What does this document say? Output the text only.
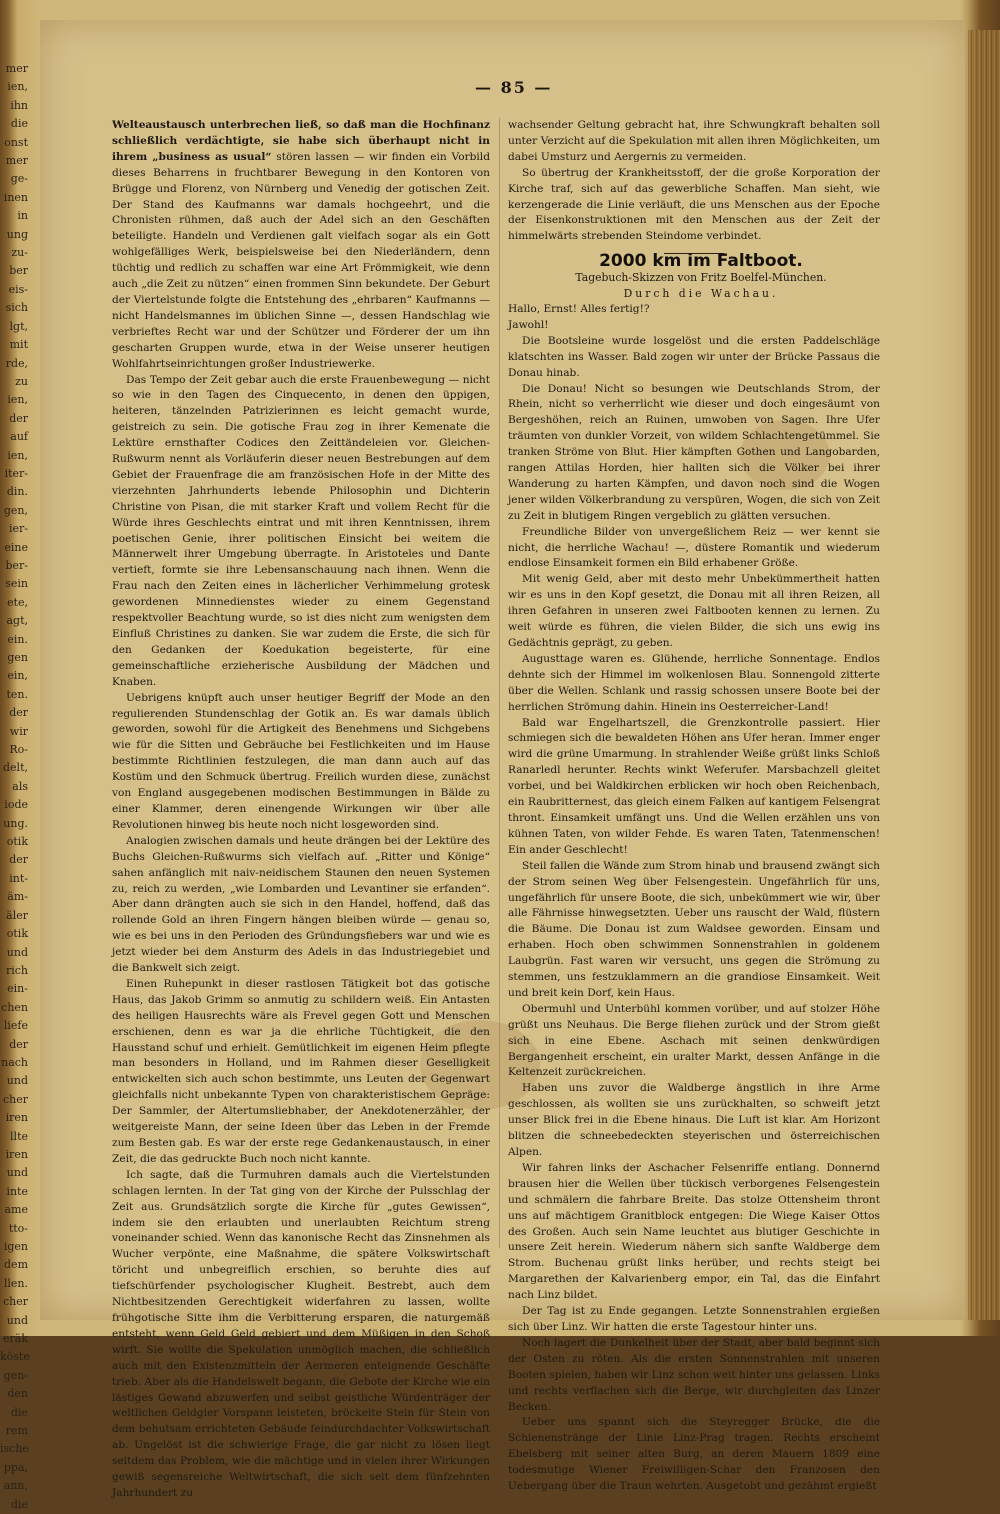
mer
ien,
ihn
die
onst
mer
ge-
inen
in
ung
zu-
ber
eis-
sich
lgt,
mit
rde,
zu
ien,
der
auf
ien,
iter-
din.
gen,
ier-
eine
ber-
sein
ete,
agt,
ein.
gen
ein,
ten.
der
wir
Ro-
delt,
als
iode
ung.
otik
der
int-
äm-
äler
otik
und
rich
ein-
chen
liefe
der
nach
und
cher
iren
llte
iren
und
inte
ame
tto-
igen
dem
llen.
cher
und
eräk
köste
gen-
den
die
rem
ische
ppa,
ann,
die
— 85 —

Welteaustausch unterbrechen ließ, so daß man die Hochfinanz schließlich verdächtigte, sie habe sich überhaupt nicht in ihrem „business as usual“ stören lassen — wir finden ein Vorbild dieses Beharrens in fruchtbarer Bewegung in den Kontoren von Brügge und Florenz, von Nürnberg und Venedig der gotischen Zeit. Der Stand des Kaufmanns war damals hochgeehrt, und die Chronisten rühmen, daß auch der Adel sich an den Geschäften beteiligte. Handeln und Verdienen galt vielfach sogar als ein Gott wohlgefälliges Werk, beispielsweise bei den Niederländern, denn tüchtig und redlich zu schaffen war eine Art Frömmigkeit, wie denn auch „die Zeit zu nützen“ einen frommen Sinn bekundete. Der Geburt der Viertelstunde folgte die Entstehung des „ehrbaren“ Kaufmanns — nicht Handelsmannes im üblichen Sinne —, dessen Handschlag wie verbrieftes Recht war und der Schützer und Förderer der um ihn gescharten Gruppen wurde, etwa in der Weise unserer heutigen Wohlfahrtseinrichtungen großer Industriewerke.

Das Tempo der Zeit gebar auch die erste Frauenbewegung — nicht so wie in den Tagen des Cinquecento, in denen den üppigen, heiteren, tänzelnden Patrizierinnen es leicht gemacht wurde, geistreich zu sein. Die gotische Frau zog in ihrer Kemenate die Lektüre ernsthafter Codices den Zeittändeleien vor. Gleichen-Rußwurm nennt als Vorläuferin dieser neuen Bestrebungen auf dem Gebiet der Frauenfrage die am französischen Hofe in der Mitte des vierzehnten Jahrhunderts lebende Philosophin und Dichterin Christine von Pisan, die mit starker Kraft und vollem Recht für die Würde ihres Geschlechts eintrat und mit ihren Kenntnissen, ihrem poetischen Genie, ihrer politischen Einsicht bei weitem die Männerwelt ihrer Umgebung überragte. In Aristoteles und Dante vertieft, formte sie ihre Lebensanschauung nach ihnen. Wenn die Frau nach den Zeiten eines in lächerlicher Verhimmelung grotesk gewordenen Minnedienstes wieder zu einem Gegenstand respektvoller Beachtung wurde, so ist dies nicht zum wenigsten dem Einfluß Christines zu danken. Sie war zudem die Erste, die sich für den Gedanken der Koedukation begeisterte, für eine gemeinschaftliche erzieherische Ausbildung der Mädchen und Knaben.

Uebrigens knüpft auch unser heutiger Begriff der Mode an den regulierenden Stundenschlag der Gotik an. Es war damals üblich geworden, sowohl für die Artigkeit des Benehmens und Sichgebens wie für die Sitten und Gebräuche bei Festlichkeiten und im Hause bestimmte Richtlinien festzulegen, die man dann auch auf das Kostüm und den Schmuck übertrug. Freilich wurden diese, zunächst von England ausgegebenen modischen Bestimmungen in Bälde zu einer Klammer, deren einengende Wirkungen wir über alle Revolutionen hinweg bis heute noch nicht losgeworden sind.

Analogien zwischen damals und heute drängen bei der Lektüre des Buchs Gleichen-Rußwurms sich vielfach auf. „Ritter und Könige“ sahen anfänglich mit naiv-neidischem Staunen den neuen Systemen zu, reich zu werden, „wie Lombarden und Levantiner sie erfanden“. Aber dann drängten auch sie sich in den Handel, hoffend, daß das rollende Gold an ihren Fingern hängen bleiben würde — genau so, wie es bei uns in den Perioden des Gründungsfiebers war und wie es jetzt wieder bei dem Ansturm des Adels in das Industriegebiet und die Bankwelt sich zeigt.

Einen Ruhepunkt in dieser rastlosen Tätigkeit bot das gotische Haus, das Jakob Grimm so anmutig zu schildern weiß. Ein Antasten des heiligen Hausrechts wäre als Frevel gegen Gott und Menschen erschienen, denn es war ja die ehrliche Tüchtigkeit, die den Hausstand schuf und erhielt. Gemütlichkeit im eigenen Heim pflegte man besonders in Holland, und im Rahmen dieser Geselligkeit entwickelten sich auch schon bestimmte, uns Leuten der Gegenwart gleichfalls nicht unbekannte Typen von charakteristischem Gepräge: Der Sammler, der Altertumsliebhaber, der Anekdotenerzähler, der weitgereiste Mann, der seine Ideen über das Leben in der Fremde zum Besten gab. Es war der erste rege Gedankenaustausch, in einer Zeit, die das gedruckte Buch noch nicht kannte.

Ich sagte, daß die Turmuhren damals auch die Viertelstunden schlagen lernten. In der Tat ging von der Kirche der Pulsschlag der Zeit aus. Grundsätzlich sorgte die Kirche für „gutes Gewissen“, indem sie den erlaubten und unerlaubten Reichtum streng voneinander schied. Wenn das kanonische Recht das Zinsnehmen als Wucher verpönte, eine Maßnahme, die spätere Volkswirtschaft töricht und unbegreiflich erschien, so beruhte dies auf tiefschürfender psychologischer Klugheit. Bestrebt, auch dem Nichtbesitzenden Gerechtigkeit widerfahren zu lassen, wollte frühgotische Sitte ihm die Verbitterung ersparen, die naturgemäß entsteht, wenn Geld Geld gebiert und dem Müßigen in den Schoß wirft. Sie wollte die Spekulation unmöglich machen, die schließlich auch mit den Existenzmitteln der Aermeren enteignende Geschäfte trieb. Aber als die Handelswelt begann, die Gebote der Kirche wie ein lästiges Gewand abzuwerfen und selbst geistliche Würdenträger der weltlichen Geldgier Vorspann leisteten, bröckelte Stein für Stein von dem behutsam errichteten Gebäude feindurchdachter Volkswirtschaft ab. Ungelöst ist die schwierige Frage, die gar nicht zu lösen liegt seitdem das Problem, wie die mächtige und in vielen ihrer Wirkungen gewiß segensreiche Weltwirtschaft, die sich seit dem fünfzehnten Jahrhundert zu

wachsender Geltung gebracht hat, ihre Schwungkraft behalten soll unter Verzicht auf die Spekulation mit allen ihren Möglichkeiten, um dabei Umsturz und Aergernis zu vermeiden.

So übertrug der Krankheitsstoff, der die große Korporation der Kirche traf, sich auf das gewerbliche Schaffen. Man sieht, wie kerzengerade die Linie verläuft, die uns Menschen aus der Epoche der Eisenkonstruktionen mit den Menschen aus der Zeit der himmelwärts strebenden Steindome verbindet.

2000 km im Faltboot.

Tagebuch-Skizzen von Fritz Boelfel-München.

Durch die Wachau.

Hallo, Ernst! Alles fertig!?

Jawohl!

Die Bootsleine wurde losgelöst und die ersten Paddelschläge klatschten ins Wasser. Bald zogen wir unter der Brücke Passaus die Donau hinab.

Die Donau! Nicht so besungen wie Deutschlands Strom, der Rhein, nicht so verherrlicht wie dieser und doch eingesäumt von Bergeshöhen, reich an Ruinen, umwoben von Sagen. Ihre Ufer träumten von dunkler Vorzeit, von wildem Schlachtengetümmel. Sie tranken Ströme von Blut. Hier kämpften Gothen und Langobarden, rangen Attilas Horden, hier hallten sich die Völker bei ihrer Wanderung zu harten Kämpfen, und davon noch sind die Wogen jener wilden Völkerbrandung zu verspüren, Wogen, die sich von Zeit zu Zeit in blutigem Ringen vergeblich zu glätten versuchen.

Freundliche Bilder von unvergeßlichem Reiz — wer kennt sie nicht, die herrliche Wachau! —, düstere Romantik und wiederum endlose Einsamkeit formen ein Bild erhabener Größe.

Mit wenig Geld, aber mit desto mehr Unbekümmertheit hatten wir es uns in den Kopf gesetzt, die Donau mit all ihren Reizen, all ihren Gefahren in unseren zwei Faltbooten kennen zu lernen. Zu weit würde es führen, die vielen Bilder, die sich uns ewig ins Gedächtnis geprägt, zu geben.

Augusttage waren es. Glühende, herrliche Sonnentage. Endlos dehnte sich der Himmel im wolkenlosen Blau. Sonnengold zitterte über die Wellen. Schlank und rassig schossen unsere Boote bei der herrlichen Strömung dahin. Hinein ins Oesterreicher-Land!

Bald war Engelhartszell, die Grenzkontrolle passiert. Hier schmiegen sich die bewaldeten Höhen ans Ufer heran. Immer enger wird die grüne Umarmung. In strahlender Weiße grüßt links Schloß Ranarledl herunter. Rechts winkt Weferufer. Marsbachzell gleitet vorbei, und bei Waldkirchen erblicken wir hoch oben Reichenbach, ein Raubritternest, das gleich einem Falken auf kantigem Felsengrat thront. Einsamkeit umfängt uns. Und die Wellen erzählen uns von kühnen Taten, von wilder Fehde. Es waren Taten, Tatenmenschen! Ein ander Geschlecht!

Steil fallen die Wände zum Strom hinab und brausend zwängt sich der Strom seinen Weg über Felsengestein. Ungefährlich für uns, ungefährlich für unsere Boote, die sich, unbekümmert wie wir, über alle Fährnisse hinwegsetzten. Ueber uns rauscht der Wald, flüstern die Bäume. Die Donau ist zum Waldsee geworden. Einsam und erhaben. Hoch oben schwimmen Sonnenstrahlen in goldenem Laubgrün. Fast waren wir versucht, uns gegen die Strömung zu stemmen, uns festzuklammern an die grandiose Einsamkeit. Weit und breit kein Dorf, kein Haus.

Obermuhl und Unterbühl kommen vorüber, und auf stolzer Höhe grüßt uns Neuhaus. Die Berge fliehen zurück und der Strom gießt sich in eine Ebene. Aschach mit seinen denkwürdigen Bergangenheit erscheint, ein uralter Markt, dessen Anfänge in die Keltenzeit zurückreichen.

Haben uns zuvor die Waldberge ängstlich in ihre Arme geschlossen, als wollten sie uns zurückhalten, so schweift jetzt unser Blick frei in die Ebene hinaus. Die Luft ist klar. Am Horizont blitzen die schneebedeckten steyerischen und österreichischen Alpen.

Wir fahren links der Aschacher Felsenriffe entlang. Donnernd brausen hier die Wellen über tückisch verborgenes Felsengestein und schmälern die fahrbare Breite. Das stolze Ottensheim thront uns auf mächtigem Granitblock entgegen: Die Wiege Kaiser Ottos des Großen. Auch sein Name leuchtet aus blutiger Geschichte in unsere Zeit herein. Wiederum nähern sich sanfte Waldberge dem Strom. Buchenau grüßt links herüber, und rechts steigt bei Margarethen der Kalvarienberg empor, ein Tal, das die Einfahrt nach Linz bildet.

Der Tag ist zu Ende gegangen. Letzte Sonnenstrahlen ergießen sich über Linz. Wir hatten die erste Tagestour hinter uns.

Noch lagert die Dunkelheit über der Stadt, aber bald beginnt sich der Osten zu röten. Als die ersten Sonnenstrahlen mit unseren Booten spielen, haben wir Linz schon weit hinter uns gelassen. Links und rechts verflachen sich die Berge, wir durchgleiten das Linzer Becken.

Ueber uns spannt sich die Steyregger Brücke, die die Schienenstränge der Linie Linz-Prag tragen. Rechts erscheint Ebelsberg mit seiner alten Burg, an deren Mauern 1809 eine todesmutige Wiener Freiwilligen-Schar den Franzosen den Uebergang über die Traun wehrten. Ausgetobt und gezähmt ergießt
